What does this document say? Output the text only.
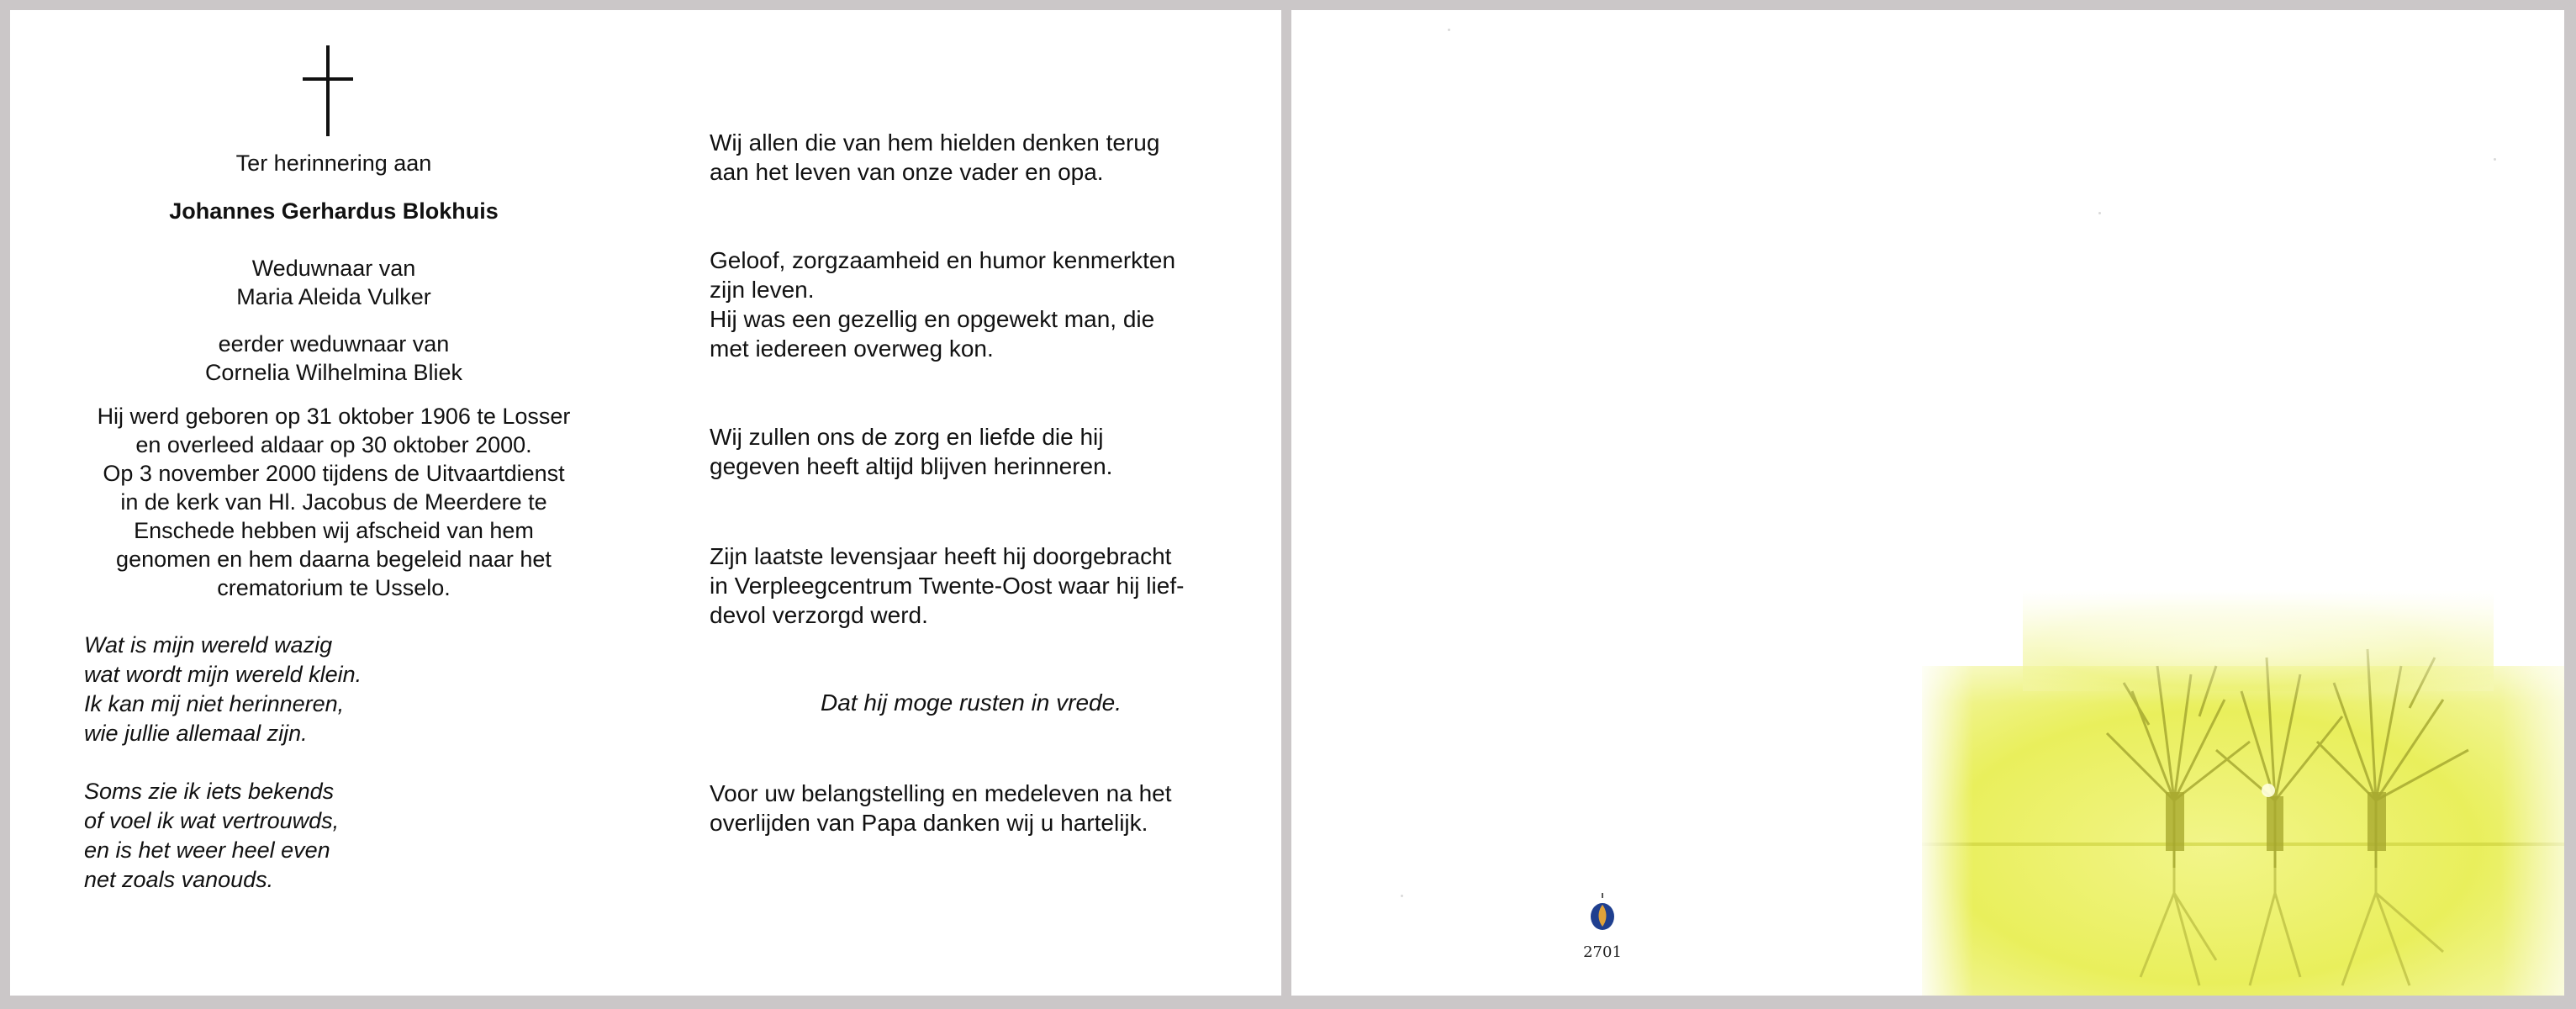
Ter herinnering aan

Johannes Gerhardus Blokhuis

Weduwnaar van

Maria Aleida Vulker

eerder weduwnaar van

Cornelia Wilhelmina Bliek

Hij werd geboren op 31 oktober 1906 te Losser

en overleed aldaar op 30 oktober 2000.

Op 3 november 2000 tijdens de Uitvaartdienst

in de kerk van Hl. Jacobus de Meerdere te

Enschede hebben wij afscheid van hem

genomen en hem daarna begeleid naar het

crematorium te Usselo.

Wat is mijn wereld wazig

wat wordt mijn wereld klein.

Ik kan mij niet herinneren,

wie jullie allemaal zijn.

Soms zie ik iets bekends

of voel ik wat vertrouwds,

en is het weer heel even

net zoals vanouds.

Wij allen die van hem hielden denken terug

aan het leven van onze vader en opa.

Geloof, zorgzaamheid en humor kenmerkten

zijn leven.

Hij was een gezellig en opgewekt man, die

met iedereen overweg kon.

Wij zullen ons de zorg en liefde die hij

gegeven heeft altijd blijven herinneren.

Zijn laatste levensjaar heeft hij doorgebracht

in Verpleegcentrum Twente-Oost waar hij lief-

devol verzorgd werd.

Dat hij moge rusten in vrede.

Voor uw belangstelling en medeleven na het

overlijden van Papa danken wij u hartelijk.

2701
